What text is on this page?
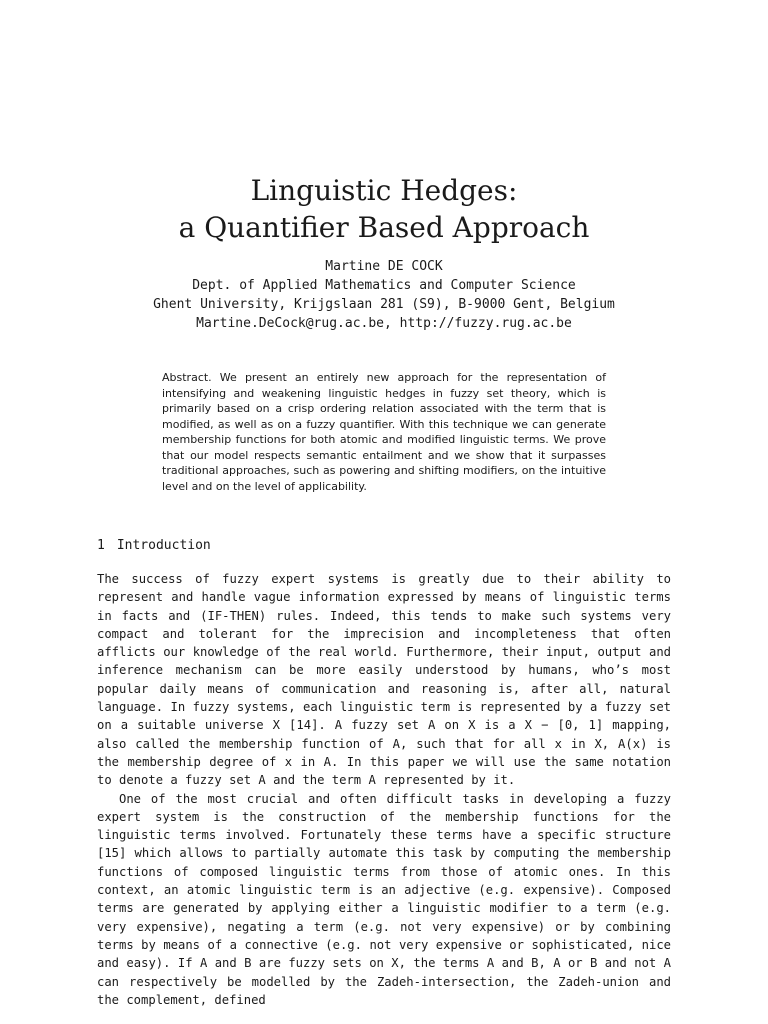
Linguistic Hedges:
a Quantifier Based Approach
Martine DE COCK
Dept. of Applied Mathematics and Computer Science
Ghent University, Krijgslaan 281 (S9), B-9000 Gent, Belgium
Martine.DeCock@rug.ac.be, http://fuzzy.rug.ac.be

Abstract. We present an entirely new approach for the representation of intensifying and weakening linguistic hedges in fuzzy set theory, which is primarily based on a crisp ordering relation associated with the term that is modified, as well as on a fuzzy quantifier. With this technique we can generate membership functions for both atomic and modified linguistic terms. We prove that our model respects semantic entailment and we show that it surpasses traditional approaches, such as powering and shifting modifiers, on the intuitive level and on the level of applicability.

1 Introduction

The success of fuzzy expert systems is greatly due to their ability to represent and handle vague information expressed by means of linguistic terms in facts and (IF-THEN) rules. Indeed, this tends to make such systems very compact and tolerant for the imprecision and incompleteness that often afflicts our knowledge of the real world. Furthermore, their input, output and inference mechanism can be more easily understood by humans, who’s most popular daily means of communication and reasoning is, after all, natural language. In fuzzy systems, each linguistic term is represented by a fuzzy set on a suitable universe X [14]. A fuzzy set A on X is a X − [0, 1] mapping, also called the membership function of A, such that for all x in X, A(x) is the membership degree of x in A. In this paper we will use the same notation to denote a fuzzy set A and the term A represented by it.

One of the most crucial and often difficult tasks in developing a fuzzy expert system is the construction of the membership functions for the linguistic terms involved. Fortunately these terms have a specific structure [15] which allows to partially automate this task by computing the membership functions of composed linguistic terms from those of atomic ones. In this context, an atomic linguistic term is an adjective (e.g. expensive). Composed terms are generated by applying either a linguistic modifier to a term (e.g. very expensive), negating a term (e.g. not very expensive) or by combining terms by means of a connective (e.g. not very expensive or sophisticated, nice and easy). If A and B are fuzzy sets on X, the terms A and B, A or B and not A can respectively be modelled by the Zadeh-intersection, the Zadeh-union and the complement, defined
